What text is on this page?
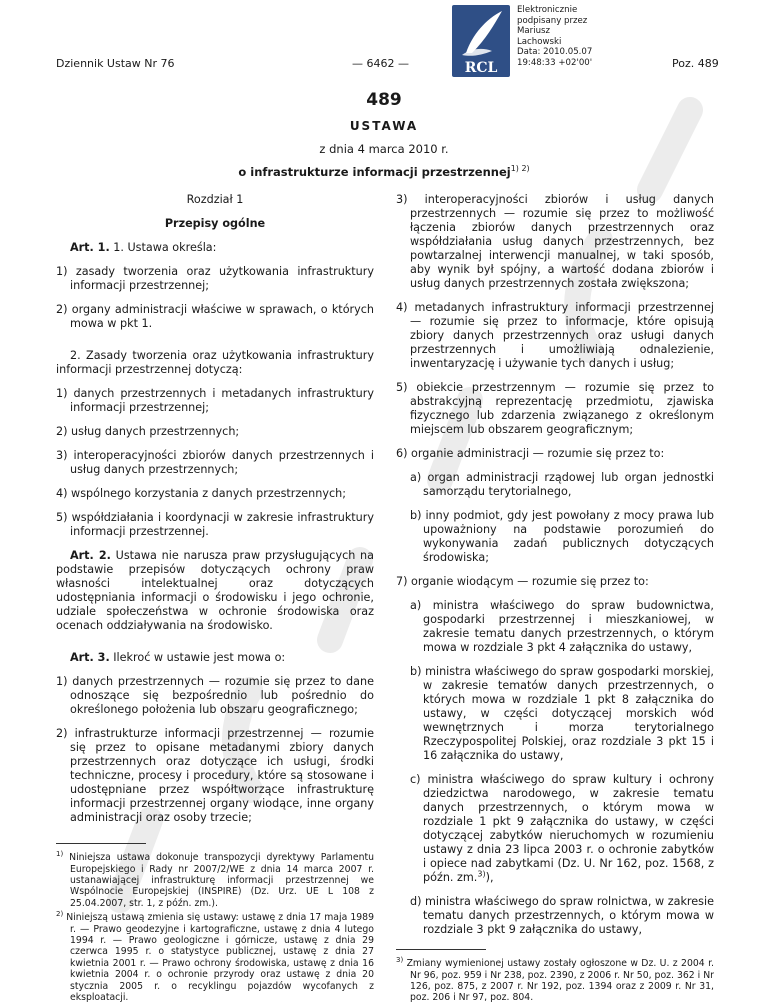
Dziennik Ustaw Nr 76	— 6462 —	Poz. 489
RCL
Elektronicznie
podpisany przez
Mariusz
Lachowski
Data: 2010.05.07
19:48:33 +02'00'
489
USTAWA
z dnia 4 marca 2010 r.
o infrastrukturze informacji przestrzennej$^{1) 2)}$

Rozdział 1

Przepisy ogólne

Art. 1. 1. Ustawa określa:

1) zasady tworzenia oraz użytkowania infrastruktury informacji przestrzennej;

2) organy administracji właściwe w sprawach, o których mowa w pkt 1.

2. Zasady tworzenia oraz użytkowania infrastruktury informacji przestrzennej dotyczą:

1) danych przestrzennych i metadanych infrastruktury informacji przestrzennej;

2) usług danych przestrzennych;

3) interoperacyjności zbiorów danych przestrzennych i usług danych przestrzennych;

4) wspólnego korzystania z danych przestrzennych;

5) współdziałania i koordynacji w zakresie infrastruktury informacji przestrzennej.

Art. 2. Ustawa nie narusza praw przysługujących na podstawie przepisów dotyczących ochrony praw własności intelektualnej oraz dotyczących udostępniania informacji o środowisku i jego ochronie, udziale społeczeństwa w ochronie środowiska oraz ocenach oddziaływania na środowisko.

Art. 3. Ilekroć w ustawie jest mowa o:

1) danych przestrzennych — rozumie się przez to dane odnoszące się bezpośrednio lub pośrednio do określonego położenia lub obszaru geograficznego;

2) infrastrukturze informacji przestrzennej — rozumie się przez to opisane metadanymi zbiory danych przestrzennych oraz dotyczące ich usługi, środki techniczne, procesy i procedury, które są stosowane i udostępniane przez współtworzące infrastrukturę informacji przestrzennej organy wiodące, inne organy administracji oraz osoby trzecie;

$^{1)}$ Niniejsza ustawa dokonuje transpozycji dyrektywy Parlamentu Europejskiego i Rady nr 2007/2/WE z dnia 14 marca 2007 r. ustanawiającej infrastrukturę informacji przestrzennej we Wspólnocie Europejskiej (INSPIRE) (Dz. Urz. UE L 108 z 25.04.2007, str. 1, z późn. zm.).

$^{2)}$ Niniejszą ustawą zmienia się ustawy: ustawę z dnia 17 maja 1989 r. — Prawo geodezyjne i kartograficzne, ustawę z dnia 4 lutego 1994 r. — Prawo geologiczne i górnicze, ustawę z dnia 29 czerwca 1995 r. o statystyce publicznej, ustawę z dnia 27 kwietnia 2001 r. — Prawo ochrony środowiska, ustawę z dnia 16 kwietnia 2004 r. o ochronie przyrody oraz ustawę z dnia 20 stycznia 2005 r. o recyklingu pojazdów wycofanych z eksploatacji.

3) interoperacyjności zbiorów i usług danych przestrzennych — rozumie się przez to możliwość łączenia zbiorów danych przestrzennych oraz współdziałania usług danych przestrzennych, bez powtarzalnej interwencji manualnej, w taki sposób, aby wynik był spójny, a wartość dodana zbiorów i usług danych przestrzennych została zwiększona;

4) metadanych infrastruktury informacji przestrzennej — rozumie się przez to informacje, które opisują zbiory danych przestrzennych oraz usługi danych przestrzennych i umożliwiają odnalezienie, inwentaryzację i używanie tych danych i usług;

5) obiekcie przestrzennym — rozumie się przez to abstrakcyjną reprezentację przedmiotu, zjawiska fizycznego lub zdarzenia związanego z określonym miejscem lub obszarem geograficznym;

6) organie administracji — rozumie się przez to:

a) organ administracji rządowej lub organ jednostki samorządu terytorialnego,

b) inny podmiot, gdy jest powołany z mocy prawa lub upoważniony na podstawie porozumień do wykonywania zadań publicznych dotyczących środowiska;

7) organie wiodącym — rozumie się przez to:

a) ministra właściwego do spraw budownictwa, gospodarki przestrzennej i mieszkaniowej, w zakresie tematu danych przestrzennych, o którym mowa w rozdziale 3 pkt 4 załącznika do ustawy,

b) ministra właściwego do spraw gospodarki morskiej, w zakresie tematów danych przestrzennych, o których mowa w rozdziale 1 pkt 8 załącznika do ustawy, w części dotyczącej morskich wód wewnętrznych i morza terytorialnego Rzeczypospolitej Polskiej, oraz rozdziale 3 pkt 15 i 16 załącznika do ustawy,

c) ministra właściwego do spraw kultury i ochrony dziedzictwa narodowego, w zakresie tematu danych przestrzennych, o którym mowa w rozdziale 1 pkt 9 załącznika do ustawy, w części dotyczącej zabytków nieruchomych w rozumieniu ustawy z dnia 23 lipca 2003 r. o ochronie zabytków i opiece nad zabytkami (Dz. U. Nr 162, poz. 1568, z późn. zm.$^{3)}$),

d) ministra właściwego do spraw rolnictwa, w zakresie tematu danych przestrzennych, o którym mowa w rozdziale 3 pkt 9 załącznika do ustawy,

$^{3)}$ Zmiany wymienionej ustawy zostały ogłoszone w Dz. U. z 2004 r. Nr 96, poz. 959 i Nr 238, poz. 2390, z 2006 r. Nr 50, poz. 362 i Nr 126, poz. 875, z 2007 r. Nr 192, poz. 1394 oraz z 2009 r. Nr 31, poz. 206 i Nr 97, poz. 804.
